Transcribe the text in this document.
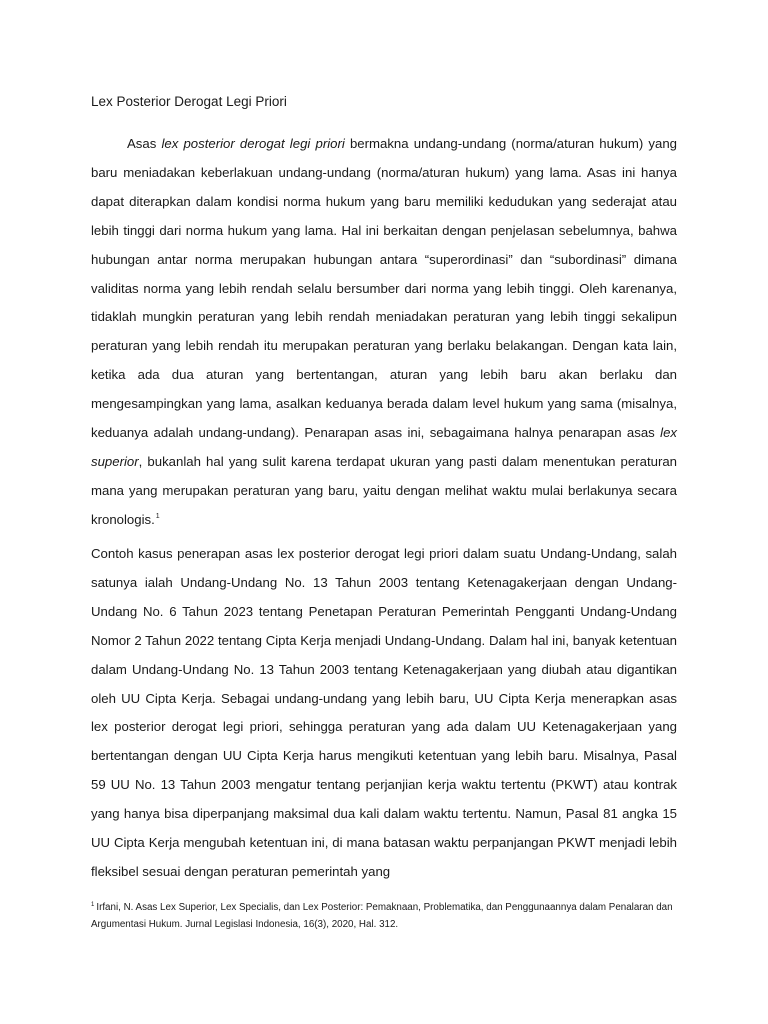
Lex Posterior Derogat Legi Priori

Asas lex posterior derogat legi priori bermakna undang-undang (norma/aturan hukum) yang baru meniadakan keberlakuan undang-undang (norma/aturan hukum) yang lama. Asas ini hanya dapat diterapkan dalam kondisi norma hukum yang baru memiliki kedudukan yang sederajat atau lebih tinggi dari norma hukum yang lama. Hal ini berkaitan dengan penjelasan sebelumnya, bahwa hubungan antar norma merupakan hubungan antara “superordinasi” dan “subordinasi” dimana validitas norma yang lebih rendah selalu bersumber dari norma yang lebih tinggi. Oleh karenanya, tidaklah mungkin peraturan yang lebih rendah meniadakan peraturan yang lebih tinggi sekalipun peraturan yang lebih rendah itu merupakan peraturan yang berlaku belakangan. Dengan kata lain, ketika ada dua aturan yang bertentangan, aturan yang lebih baru akan berlaku dan mengesampingkan yang lama, asalkan keduanya berada dalam level hukum yang sama (misalnya, keduanya adalah undang-undang). Penarapan asas ini, sebagaimana halnya penarapan asas lex superior, bukanlah hal yang sulit karena terdapat ukuran yang pasti dalam menentukan peraturan mana yang merupakan peraturan yang baru, yaitu dengan melihat waktu mulai berlakunya secara kronologis.$^1$

Contoh kasus penerapan asas lex posterior derogat legi priori dalam suatu Undang-Undang, salah satunya ialah Undang-Undang No. 13 Tahun 2003 tentang Ketenagakerjaan dengan Undang-Undang No. 6 Tahun 2023 tentang Penetapan Peraturan Pemerintah Pengganti Undang-Undang Nomor 2 Tahun 2022 tentang Cipta Kerja menjadi Undang-Undang. Dalam hal ini, banyak ketentuan dalam Undang-Undang No. 13 Tahun 2003 tentang Ketenagakerjaan yang diubah atau digantikan oleh UU Cipta Kerja. Sebagai undang-undang yang lebih baru, UU Cipta Kerja menerapkan asas lex posterior derogat legi priori, sehingga peraturan yang ada dalam UU Ketenagakerjaan yang bertentangan dengan UU Cipta Kerja harus mengikuti ketentuan yang lebih baru. Misalnya, Pasal 59 UU No. 13 Tahun 2003 mengatur tentang perjanjian kerja waktu tertentu (PKWT) atau kontrak yang hanya bisa diperpanjang maksimal dua kali dalam waktu tertentu. Namun, Pasal 81 angka 15 UU Cipta Kerja mengubah ketentuan ini, di mana batasan waktu perpanjangan PKWT menjadi lebih fleksibel sesuai dengan peraturan pemerintah yang

$^1$ Irfani, N. Asas Lex Superior, Lex Specialis, dan Lex Posterior: Pemaknaan, Problematika, dan Penggunaannya dalam Penalaran dan Argumentasi Hukum. Jurnal Legislasi Indonesia, 16(3), 2020, Hal. 312.
